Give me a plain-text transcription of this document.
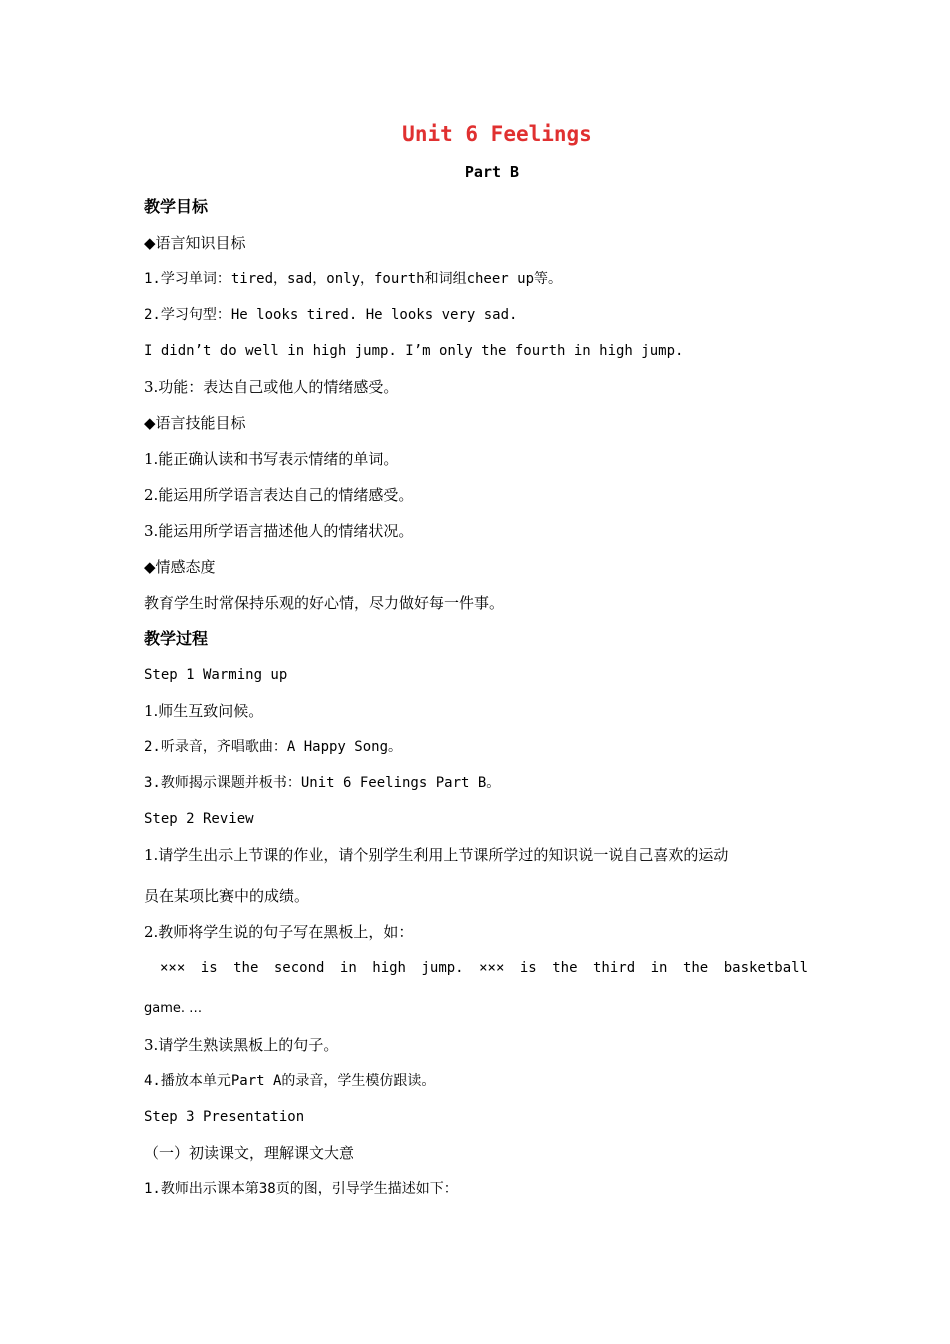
Unit 6 Feelings
Part B
教学目标
◆语言知识目标
1.学习单词：tired，sad，only，fourth和词组cheer up等。
2.学习句型：He looks tired. He looks very sad.
I didn’t do well in high jump. I’m only the fourth in high jump.
3.功能：表达自己或他人的情绪感受。
◆语言技能目标
1.能正确认读和书写表示情绪的单词。
2.能运用所学语言表达自己的情绪感受。
3.能运用所学语言描述他人的情绪状况。
◆情感态度
教育学生时常保持乐观的好心情，尽力做好每一件事。
教学过程
Step 1 Warming up
1.师生互致问候。
2.听录音，齐唱歌曲：A Happy Song。
3.教师揭示课题并板书：Unit 6 Feelings Part B。
Step 2 Review
1.请学生出示上节课的作业，请个别学生利用上节课所学过的知识说一说自己喜欢的运动
员在某项比赛中的成绩。
2.教师将学生说的句子写在黑板上，如：
××× is the second in high jump. ××× is the third in the basketball
game. …
3.请学生熟读黑板上的句子。
4.播放本单元Part A的录音，学生模仿跟读。
Step 3 Presentation
（一）初读课文，理解课文大意
1.教师出示课本第38页的图，引导学生描述如下：
